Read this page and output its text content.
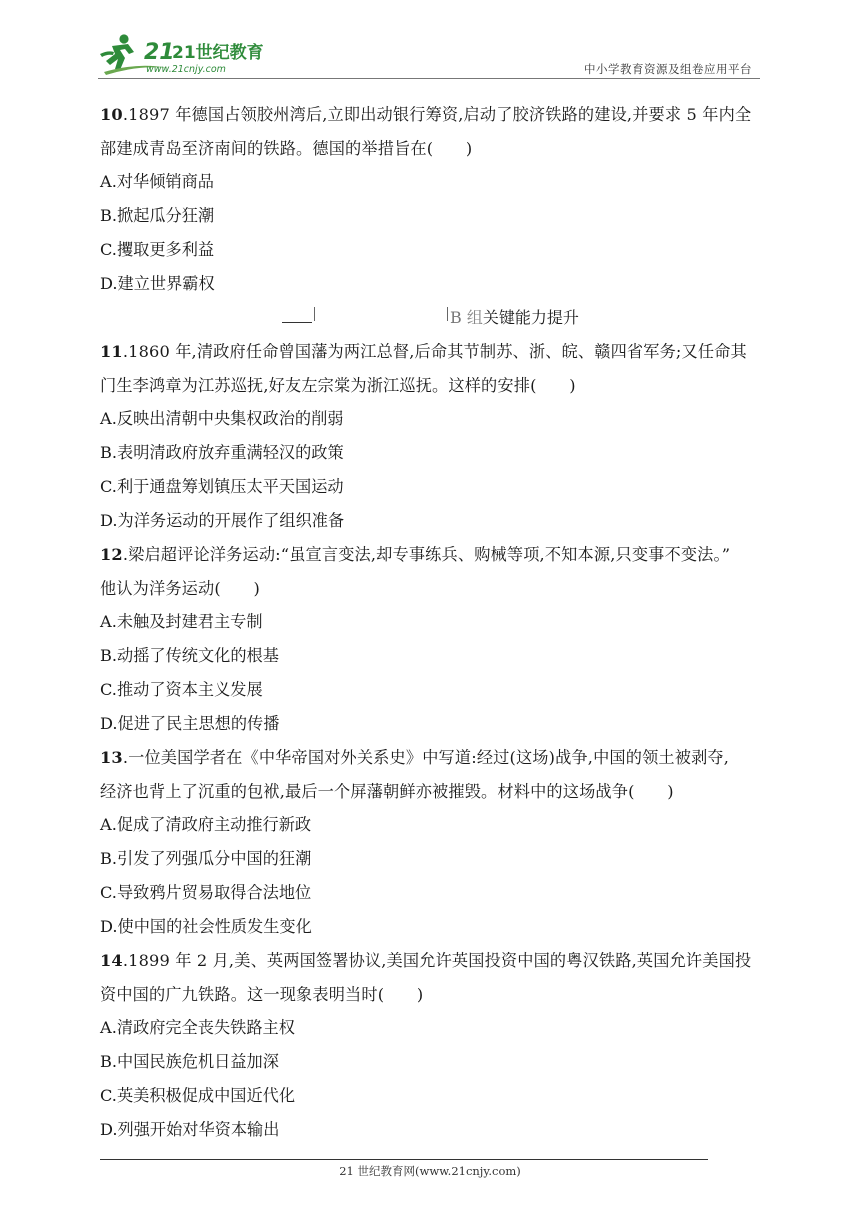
21
21世纪教育
www.21cnjy.com	中小学教育资源及组卷应用平台
10.1897 年德国占领胶州湾后,立即出动银行筹资,启动了胶济铁路的建设,并要求 5 年内全
部建成青岛至济南间的铁路。德国的举措旨在(　　)
A.对华倾销商品
B.掀起瓜分狂潮
C.攫取更多利益
D.建立世界霸权
B 组关键能力提升
11.1860 年,清政府任命曾国藩为两江总督,后命其节制苏、浙、皖、赣四省军务;又任命其
门生李鸿章为江苏巡抚,好友左宗棠为浙江巡抚。这样的安排(　　)
A.反映出清朝中央集权政治的削弱
B.表明清政府放弃重满轻汉的政策
C.利于通盘筹划镇压太平天国运动
D.为洋务运动的开展作了组织准备
12.梁启超评论洋务运动:“虽宣言变法,却专事练兵、购械等项,不知本源,只变事不变法。”
他认为洋务运动(　　)
A.未触及封建君主专制
B.动摇了传统文化的根基
C.推动了资本主义发展
D.促进了民主思想的传播
13.一位美国学者在《中华帝国对外关系史》中写道:经过(这场)战争,中国的领土被剥夺,
经济也背上了沉重的包袱,最后一个屏藩朝鲜亦被摧毁。材料中的这场战争(　　)
A.促成了清政府主动推行新政
B.引发了列强瓜分中国的狂潮
C.导致鸦片贸易取得合法地位
D.使中国的社会性质发生变化
14.1899 年 2 月,美、英两国签署协议,美国允许英国投资中国的粤汉铁路,英国允许美国投
资中国的广九铁路。这一现象表明当时(　　)
A.清政府完全丧失铁路主权
B.中国民族危机日益加深
C.英美积极促成中国近代化
D.列强开始对华资本输出
21 世纪教育网(www.21cnjy.com)
